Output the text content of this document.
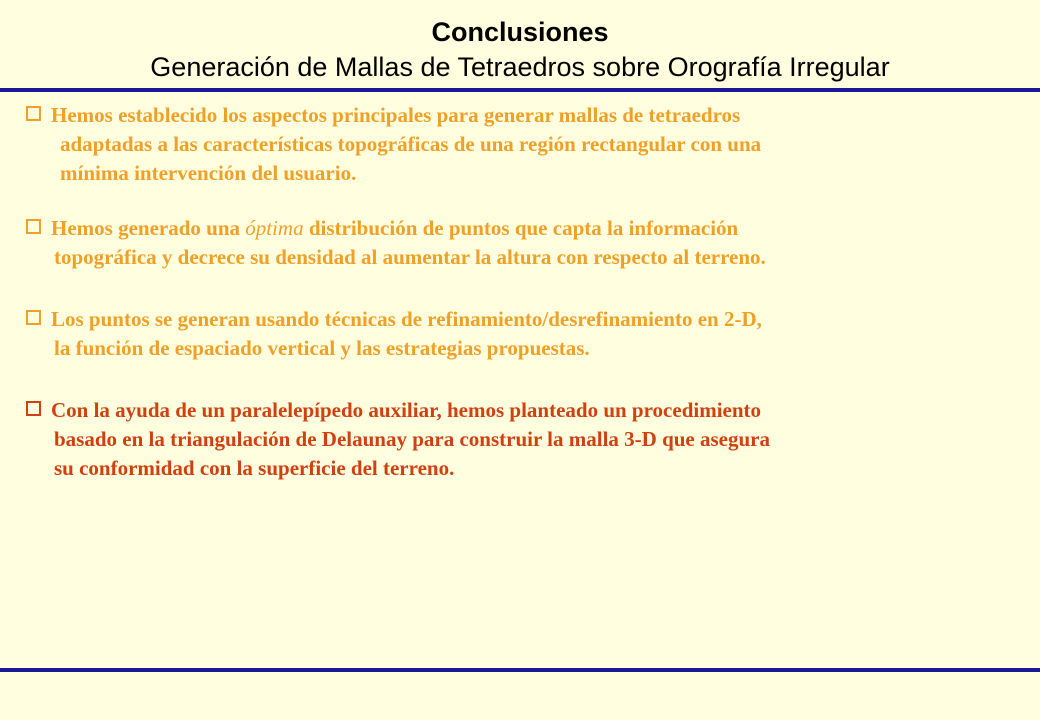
Conclusiones
Generación de Mallas de Tetraedros sobre Orografía Irregular
Hemos establecido los aspectos principales para generar mallas de tetraedros
adaptadas a las características topográficas de una región rectangular con una
mínima intervención del usuario.
Hemos generado una óptima distribución de puntos que capta la información
topográfica y decrece su densidad al aumentar la altura con respecto al terreno.
Los puntos se generan usando técnicas de refinamiento/desrefinamiento en 2-D,
la función de espaciado vertical y las estrategias propuestas.
Con la ayuda de un paralelepípedo auxiliar, hemos planteado un procedimiento
basado en la triangulación de Delaunay para construir la malla 3-D que asegura
su conformidad con la superficie del terreno.
